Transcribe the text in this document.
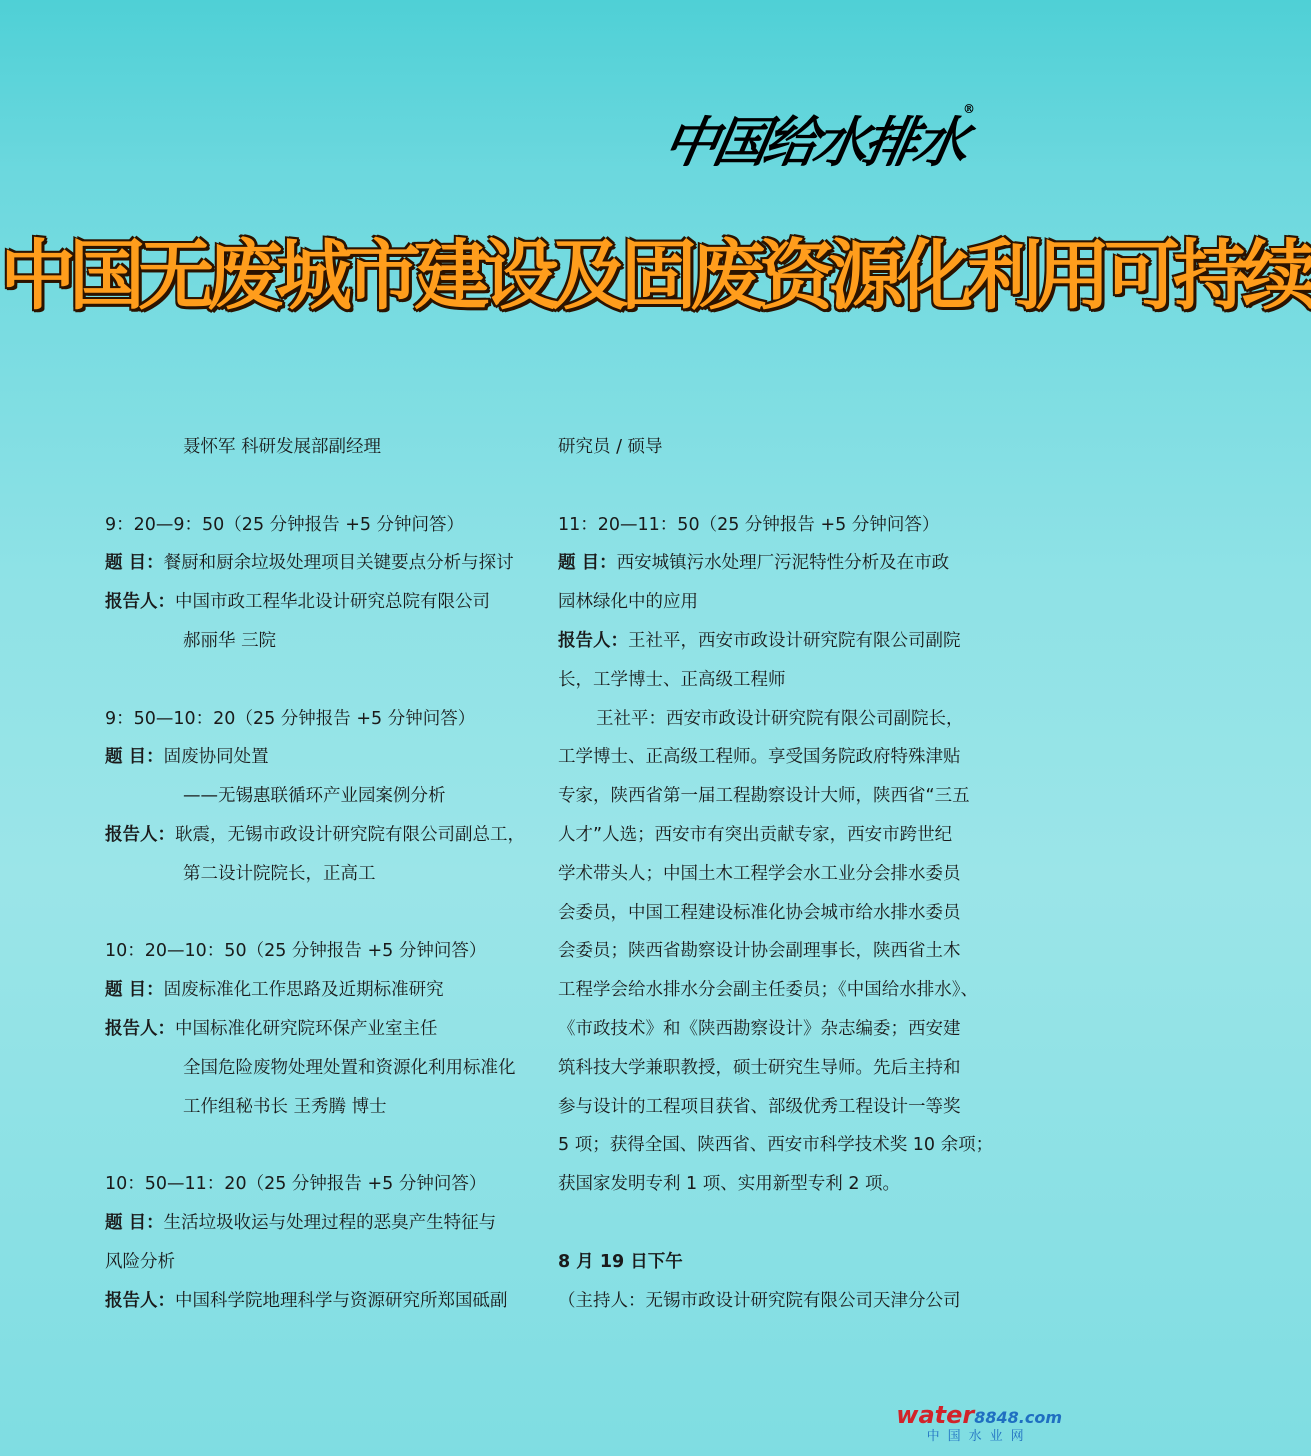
中国给水排水
®
中国无废城市建设及固废资源化利用可持续
聂怀军 科研发展部副经理
9：20—9：50（25 分钟报告 +5 分钟问答）
题 目：餐厨和厨余垃圾处理项目关键要点分析与探讨
报告人：中国市政工程华北设计研究总院有限公司
郝丽华 三院
9：50—10：20（25 分钟报告 +5 分钟问答）
题 目：固废协同处置
——无锡惠联循环产业园案例分析
报告人：耿震，无锡市政设计研究院有限公司副总工，
第二设计院院长，正高工
10：20—10：50（25 分钟报告 +5 分钟问答）
题 目：固废标准化工作思路及近期标准研究
报告人：中国标准化研究院环保产业室主任
全国危险废物处理处置和资源化利用标准化
工作组秘书长 王秀腾 博士
10：50—11：20（25 分钟报告 +5 分钟问答）
题 目：生活垃圾收运与处理过程的恶臭产生特征与
风险分析
报告人：中国科学院地理科学与资源研究所郑国砥副
研究员 / 硕导
11：20—11：50（25 分钟报告 +5 分钟问答）
题 目：西安城镇污水处理厂污泥特性分析及在市政
园林绿化中的应用
报告人：王社平，西安市政设计研究院有限公司副院
长，工学博士、正高级工程师
王社平：西安市政设计研究院有限公司副院长，
工学博士、正高级工程师。享受国务院政府特殊津贴
专家，陕西省第一届工程勘察设计大师，陕西省“三五
人才”人选；西安市有突出贡献专家，西安市跨世纪
学术带头人；中国土木工程学会水工业分会排水委员
会委员，中国工程建设标准化协会城市给水排水委员
会委员；陕西省勘察设计协会副理事长，陕西省土木
工程学会给水排水分会副主任委员；《中国给水排水》、
《市政技术》和《陕西勘察设计》杂志编委；西安建
筑科技大学兼职教授，硕士研究生导师。先后主持和
参与设计的工程项目获省、部级优秀工程设计一等奖
5 项；获得全国、陕西省、西安市科学技术奖 10 余项；
获国家发明专利 1 项、实用新型专利 2 项。
8 月 19 日下午
（主持人：无锡市政设计研究院有限公司天津分公司
water8848.com
中国水业网
